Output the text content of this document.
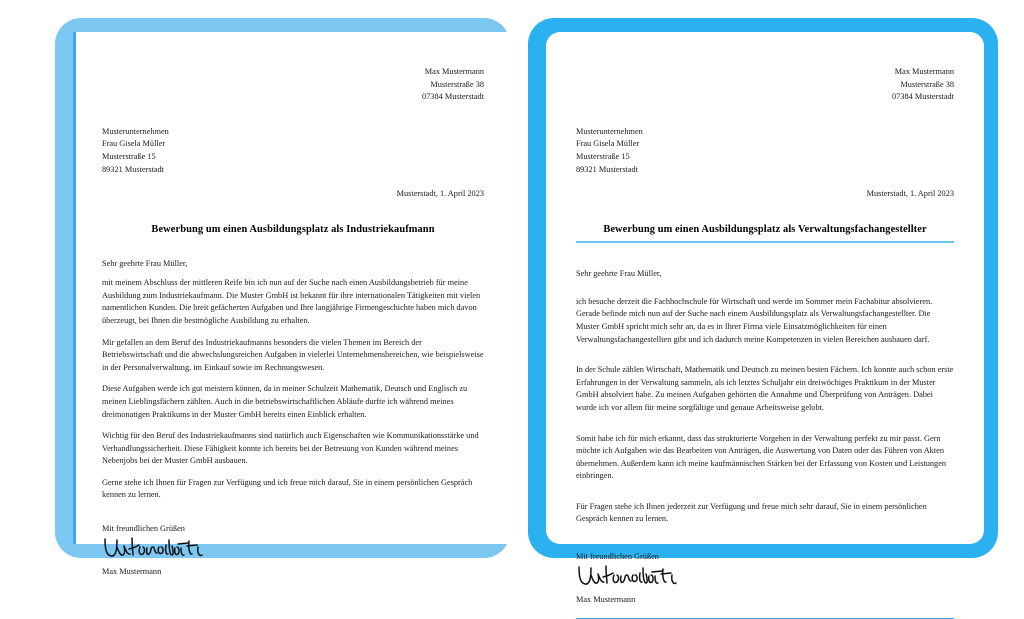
Max Mustermann
Musterstraße 38
07384 Musterstadt
Musterunternehmen
Frau Gisela Müller
Musterstraße 15
89321 Musterstadt
Musterstadt, 1. April 2023
Bewerbung um einen Ausbildungsplatz als Industriekaufmann
Sehr geehrte Frau Müller,

mit meinem Abschluss der mittleren Reife bin ich nun auf der Suche nach einen Ausbildungsbetrieb für meine Ausbildung zum Industriekaufmann. Die Muster GmbH ist bekannt für ihre internationalen Tätigkeiten mit vielen namentlichen Kunden. Die breit gefächerten Aufgaben und Ihre langjährige Firmengeschichte haben mich davon überzeugt, bei Ihnen die bestmögliche Ausbildung zu erhalten.

Mir gefallen an dem Beruf des Industriekaufmanns besonders die vielen Themen im Bereich der Betriebswirtschaft und die abwechslungsreichen Aufgaben in vielerlei Unternehmensbereichen, wie beispielsweise in der Personalverwaltung, im Einkauf sowie im Rechnungswesen.

Diese Aufgaben werde ich gut meistern können, da in meiner Schulzeit Mathematik, Deutsch und Englisch zu meinen Lieblingsfächern zählten. Auch in die betriebswirtschaftlichen Abläufe durfte ich während meines dreimonatigen Praktikums in der Muster GmbH bereits einen Einblick erhalten.

Wichtig für den Beruf des Industriekaufmanns sind natürlich auch Eigenschaften wie Kommunikationsstärke und Verhandlungssicherheit. Diese Fähigkeit konnte ich bereits bei der Betreuung von Kunden während meines Nebenjobs bei der Muster GmbH ausbauen.

Gerne stehe ich Ihnen für Fragen zur Verfügung und ich freue mich darauf, Sie in einem persönlichen Gespräch kennen zu lernen.

Mit freundlichen Grüßen
Max Mustermann
Max Mustermann
Musterstraße 38
07384 Musterstadt
Musterunternehmen
Frau Gisela Müller
Musterstraße 15
89321 Musterstadt
Musterstadt, 1. April 2023
Bewerbung um einen Ausbildungsplatz als Verwaltungsfachangestellter
Sehr geehrte Frau Müller,

ich besuche derzeit die Fachhochschule für Wirtschaft und werde im Sommer mein Fachabitur absolvieren. Gerade befinde mich nun auf der Suche nach einem Ausbildungsplatz als Verwaltungsfachangestellter. Die Muster GmbH spricht mich sehr an, da es in Ihrer Firma viele Einsatzmöglichkeiten für einen Verwaltungsfachangestellten gibt und ich dadurch meine Kompetenzen in vielen Bereichen ausbauen darf.

In der Schule zählen Wirtschaft, Mathematik und Deutsch zu meinen besten Fächern. Ich konnte auch schon erste Erfahrungen in der Verwaltung sammeln, als ich letztes Schuljahr ein dreiwöchiges Praktikum in der Muster GmbH absolviert habe. Zu meinen Aufgaben gehörten die Annahme und Überprüfung von Anträgen. Dabei wurde ich vor allem für meine sorgfältige und genaue Arbeitsweise gelobt.

Somit habe ich für mich erkannt, dass das strukturierte Vorgehen in der Verwaltung perfekt zu mir passt. Gern möchte ich Aufgaben wie das Bearbeiten von Anträgen, die Auswertung von Daten oder das Führen von Akten übernehmen. Außerdem kann ich meine kaufmännischen Stärken bei der Erfassung von Kosten und Leistungen einbringen.

Für Fragen stehe ich Ihnen jederzeit zur Verfügung und freue mich sehr darauf, Sie in einem persönlichen Gespräch kennen zu lernen.

Mit freundlichen Grüßen
Max Mustermann
